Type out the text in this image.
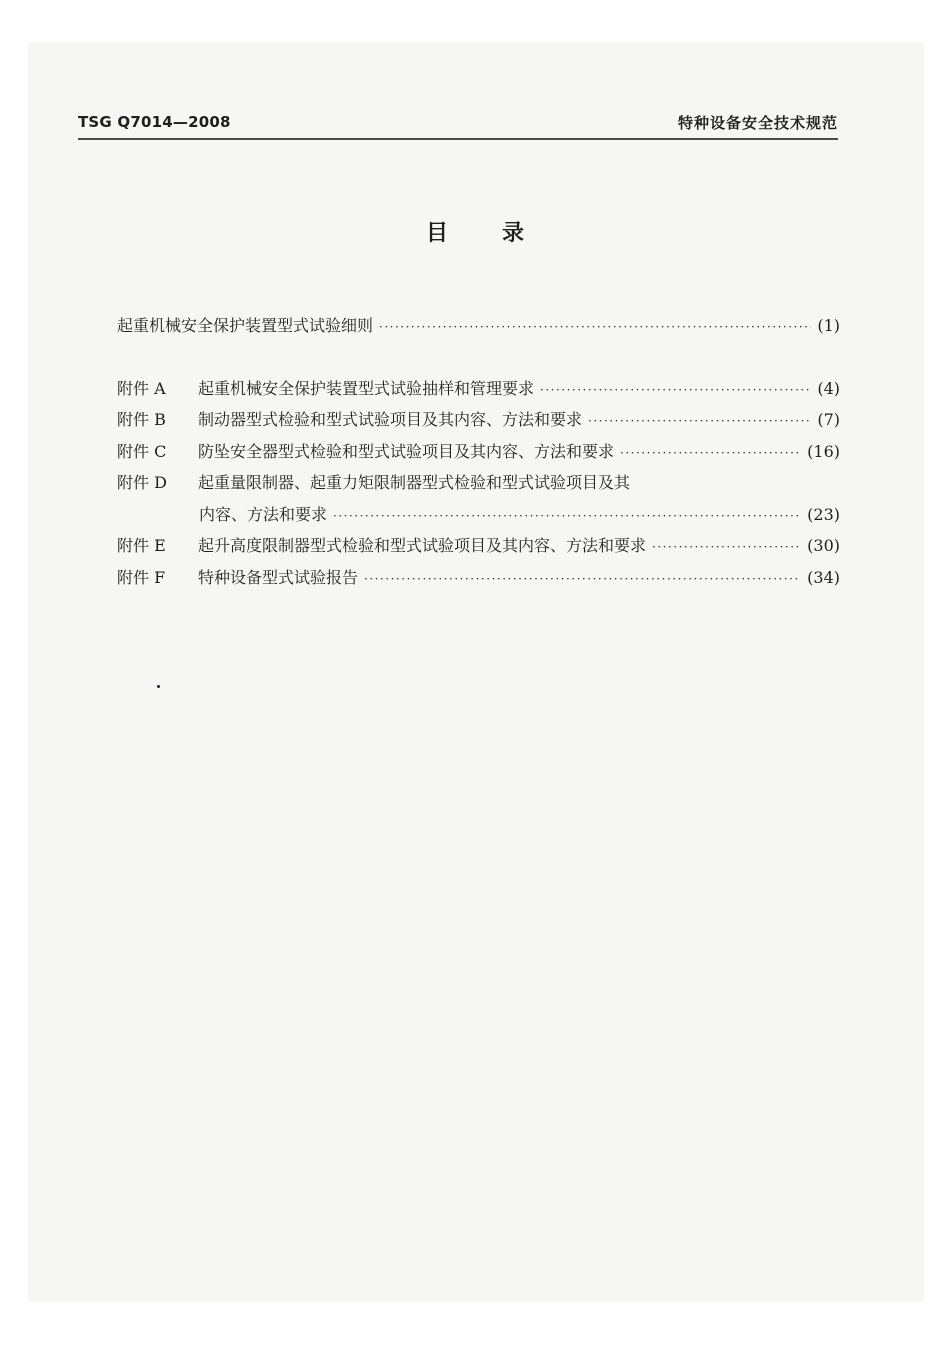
TSG Q7014—2008	特种设备安全技术规范
目录
起重机械安全保护装置型式试验细则 ·····	(1)
附件 A	起重机械安全保护装置型式试验抽样和管理要求 ·····	(4)
附件 B	制动器型式检验和型式试验项目及其内容、方法和要求 ·····	(7)
附件 C	防坠安全器型式检验和型式试验项目及其内容、方法和要求 ·····	(16)
附件 D	起重量限制器、起重力矩限制器型式检验和型式试验项目及其
内容、方法和要求 ·····	(23)
附件 E	起升高度限制器型式检验和型式试验项目及其内容、方法和要求 ·····	(30)
附件 F	特种设备型式试验报告 ·····	(34)
